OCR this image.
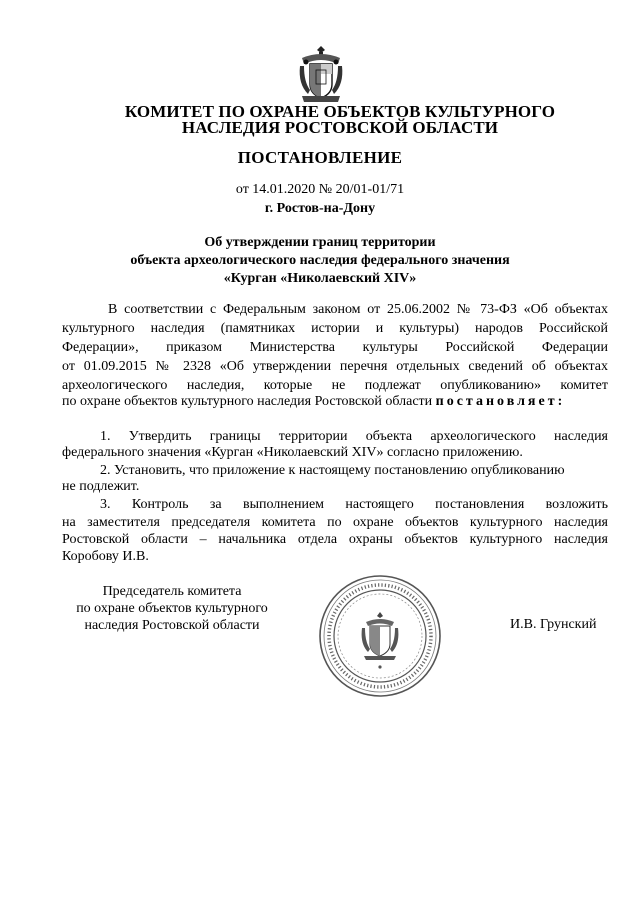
КОМИТЕТ ПО ОХРАНЕ ОБЪЕКТОВ КУЛЬТУРНОГО
НАСЛЕДИЯ РОСТОВСКОЙ ОБЛАСТИ
ПОСТАНОВЛЕНИЕ
от 14.01.2020 № 20/01-01/71
г. Ростов-на-Дону
Об утверждении границ территории
объекта археологического наследия федерального значения
«Курган «Николаевский XIV»
В соответствии с Федеральным законом от 25.06.2002 № 73-ФЗ «Об объектах
культурного наследия (памятниках истории и культуры) народов Российской
Федерации», приказом Министерства культуры Российской Федерации
от 01.09.2015 № 2328 «Об утверждении перечня отдельных сведений об объектах
археологического наследия, которые не подлежат опубликованию» комитет
по охране объектов культурного наследия Ростовской области постановляет:
1. Утвердить границы территории объекта археологического наследия
федерального значения «Курган «Николаевский XIV» согласно приложению.
2. Установить, что приложение к настоящему постановлению опубликованию
не подлежит.
3. Контроль за выполнением настоящего постановления возложить
на заместителя председателя комитета по охране объектов культурного наследия
Ростовской области – начальника отдела охраны объектов культурного наследия
Коробову И.В.
Председатель комитета
по охране объектов культурного
наследия Ростовской области	И.В. Грунский
